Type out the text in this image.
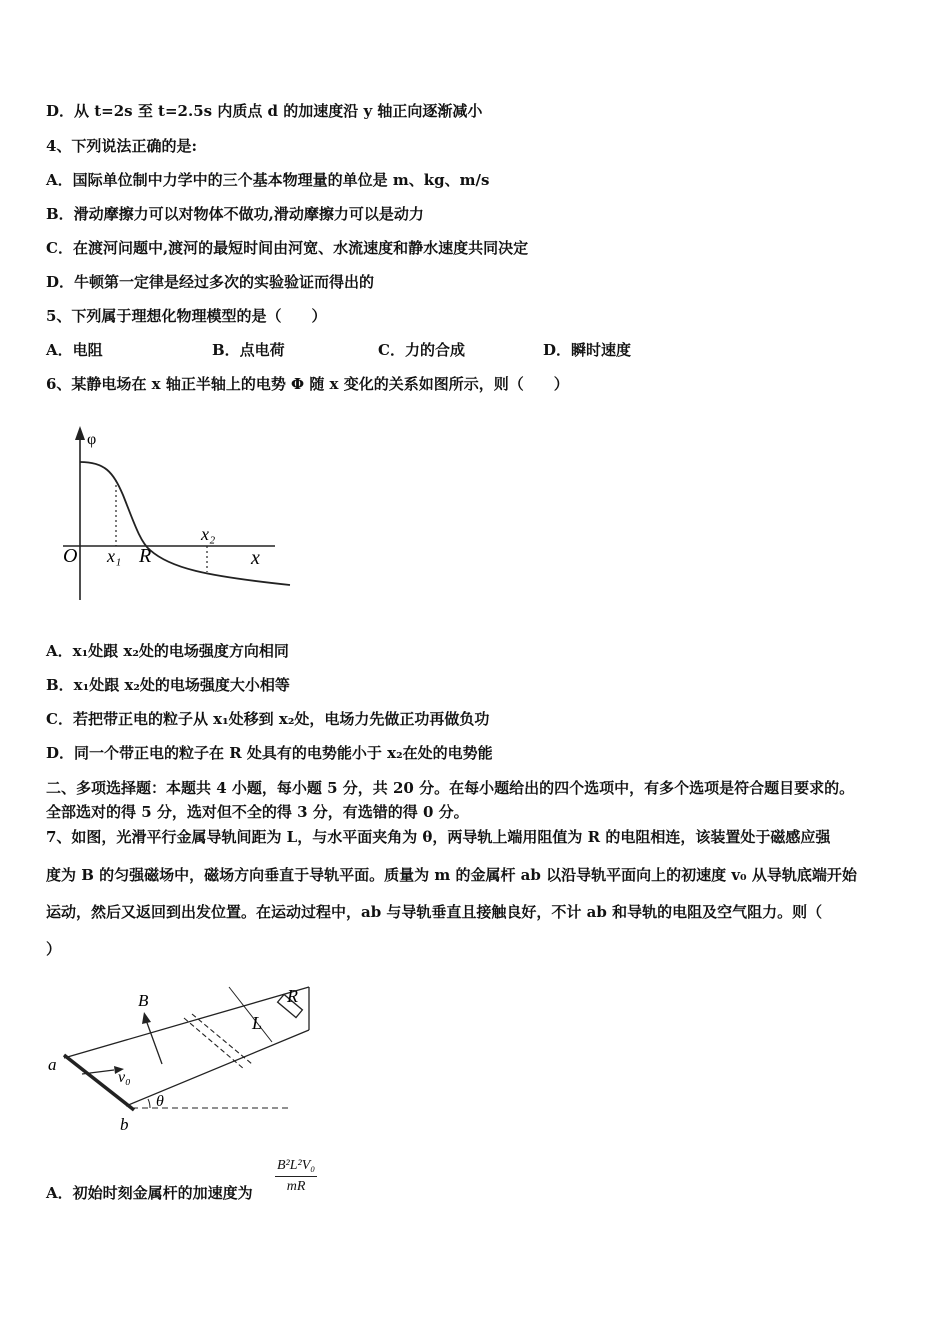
D．从 t=2s 至 t=2.5s 内质点 d 的加速度沿 y 轴正向逐渐减小
4、下列说法正确的是:
A．国际单位制中力学中的三个基本物理量的单位是 m、kg、m/s
B．滑动摩擦力可以对物体不做功,滑动摩擦力可以是动力
C．在渡河问题中,渡河的最短时间由河宽、水流速度和静水速度共同决定
D．牛顿第一定律是经过多次的实验验证而得出的
5、下列属于理想化物理模型的是（　　）
A．电阻	B．点电荷	C．力的合成	D．瞬时速度
6、某静电场在 x 轴正半轴上的电势 Φ 随 x 变化的关系如图所示，则（　　）
φ
O x₁ R
x₂
x
A．x₁处跟 x₂处的电场强度方向相同
B．x₁处跟 x₂处的电场强度大小相等
C．若把带正电的粒子从 x₁处移到 x₂处，电场力先做正功再做负功
D．同一个带正电的粒子在 R 处具有的电势能小于 x₂在处的电势能
二、多项选择题：本题共 4 小题，每小题 5 分，共 20 分。在每小题给出的四个选项中，有多个选项是符合题目要求的。
全部选对的得 5 分，选对但不全的得 3 分，有选错的得 0 分。
7、如图，光滑平行金属导轨间距为 L，与水平面夹角为 θ，两导轨上端用阻值为 R 的电阻相连，该装置处于磁感应强
度为 B 的匀强磁场中，磁场方向垂直于导轨平面。质量为 m 的金属杆 ab 以沿导轨平面向上的初速度 v₀ 从导轨底端开始
运动，然后又返回到出发位置。在运动过程中，ab 与导轨垂直且接触良好，不计 ab 和导轨的电阻及空气阻力。则（
）
L
B	R
v₀
a
b
θ
A．初始时刻金属杆的加速度为 $\frac{\text{B²L²V₀}}{mR}$
